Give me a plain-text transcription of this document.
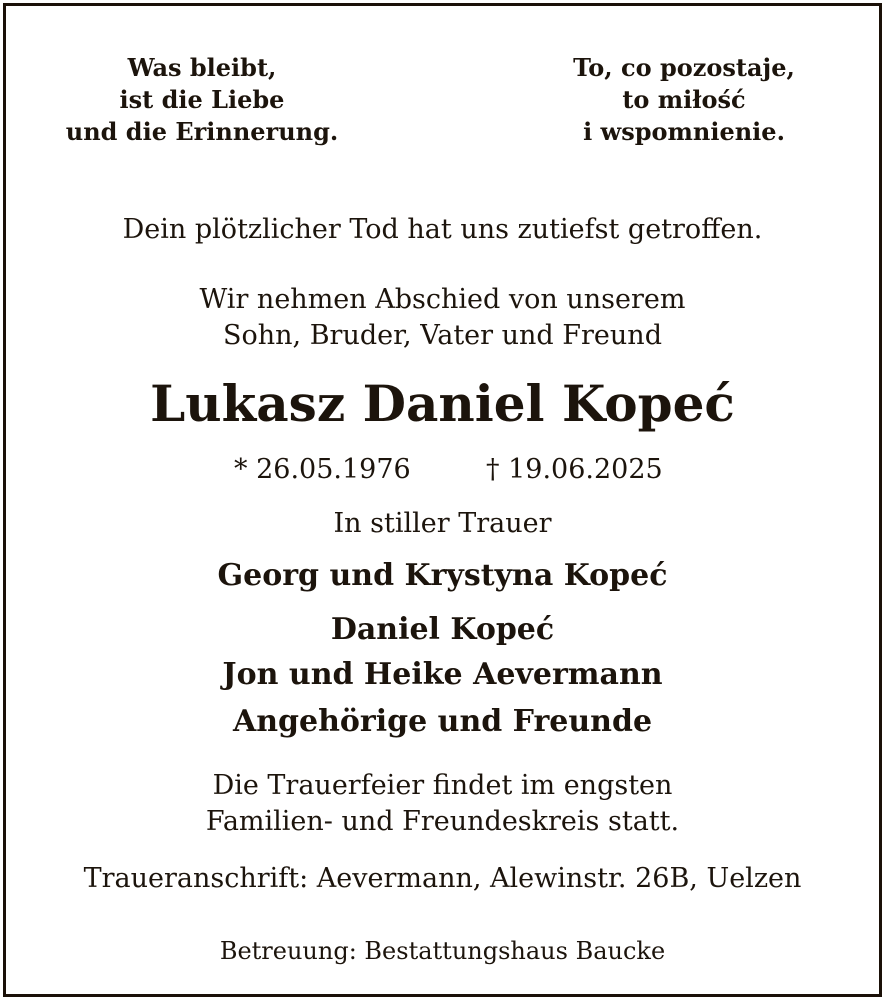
Was bleibt,
ist die Liebe
und die Erinnerung.
To, co pozostaje,
to miłość
i wspomnienie.
Dein plötzlicher Tod hat uns zutiefst getroffen.
Wir nehmen Abschied von unserem
Sohn, Bruder, Vater und Freund
Lukasz Daniel Kopeć
* 26.05.1976	† 19.06.2025
In stiller Trauer
Georg und Krystyna Kopeć
Daniel Kopeć
Jon und Heike Aevermann
Angehörige und Freunde
Die Trauerfeier findet im engsten
Familien- und Freundeskreis statt.
Traueranschrift: Aevermann, Alewinstr. 26B, Uelzen
Betreuung: Bestattungshaus Baucke
